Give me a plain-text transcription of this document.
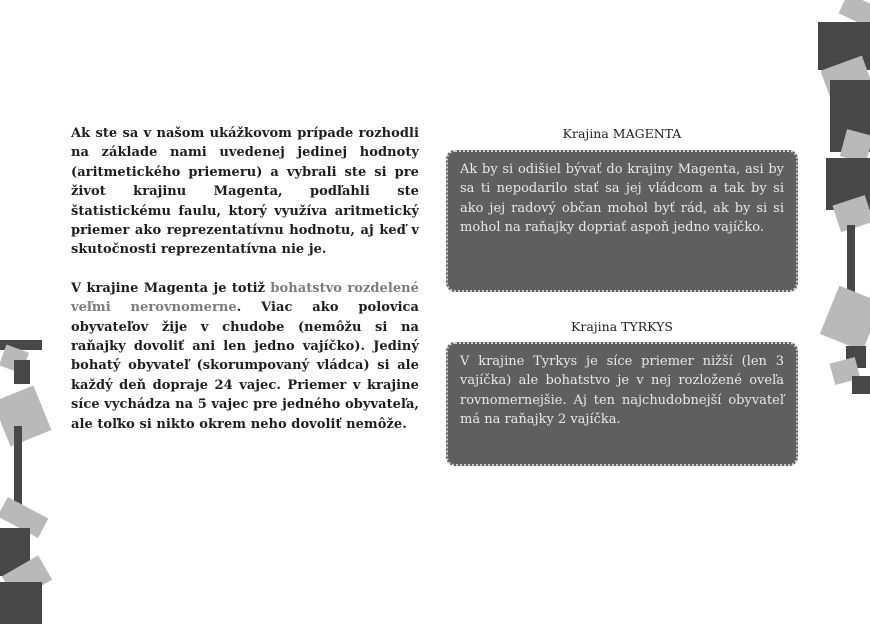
Ak ste sa v našom ukážkovom prípade rozhodli na základe nami uvedenej jedinej hodnoty (aritmetického priemeru) a vybrali ste si pre život krajinu Magenta, podľahli ste štatistickému faulu, ktorý využíva aritmetický priemer ako reprezentatívnu hodnotu, aj keď v skutočnosti reprezentatívna nie je.

V krajine Magenta je totiž bohatstvo rozdelené veľmi nerovnomerne. Viac ako polovica obyvateľov žije v chudobe (nemôžu si na raňajky dovoliť ani len jedno vajíčko). Jediný bohatý obyvateľ (skorumpovaný vládca) si ale každý deň dopraje 24 vajec. Priemer v krajine síce vychádza na 5 vajec pre jedného obyvateľa, ale toľko si nikto okrem neho dovoliť nemôže.

Krajina MAGENTA
Ak by si odišiel bývať do krajiny Magenta, asi by sa ti nepodarilo stať sa jej vládcom a tak by si ako jej radový občan mohol byť rád, ak by si si mohol na raňajky dopriať aspoň jedno vajíčko.
Krajina TYRKYS
V krajine Tyrkys je síce priemer nižší (len 3 vajíčka) ale bohatstvo je v nej rozložené oveľa rovnomernejšie. Aj ten najchudobnejší obyvateľ má na raňajky 2 vajíčka.
